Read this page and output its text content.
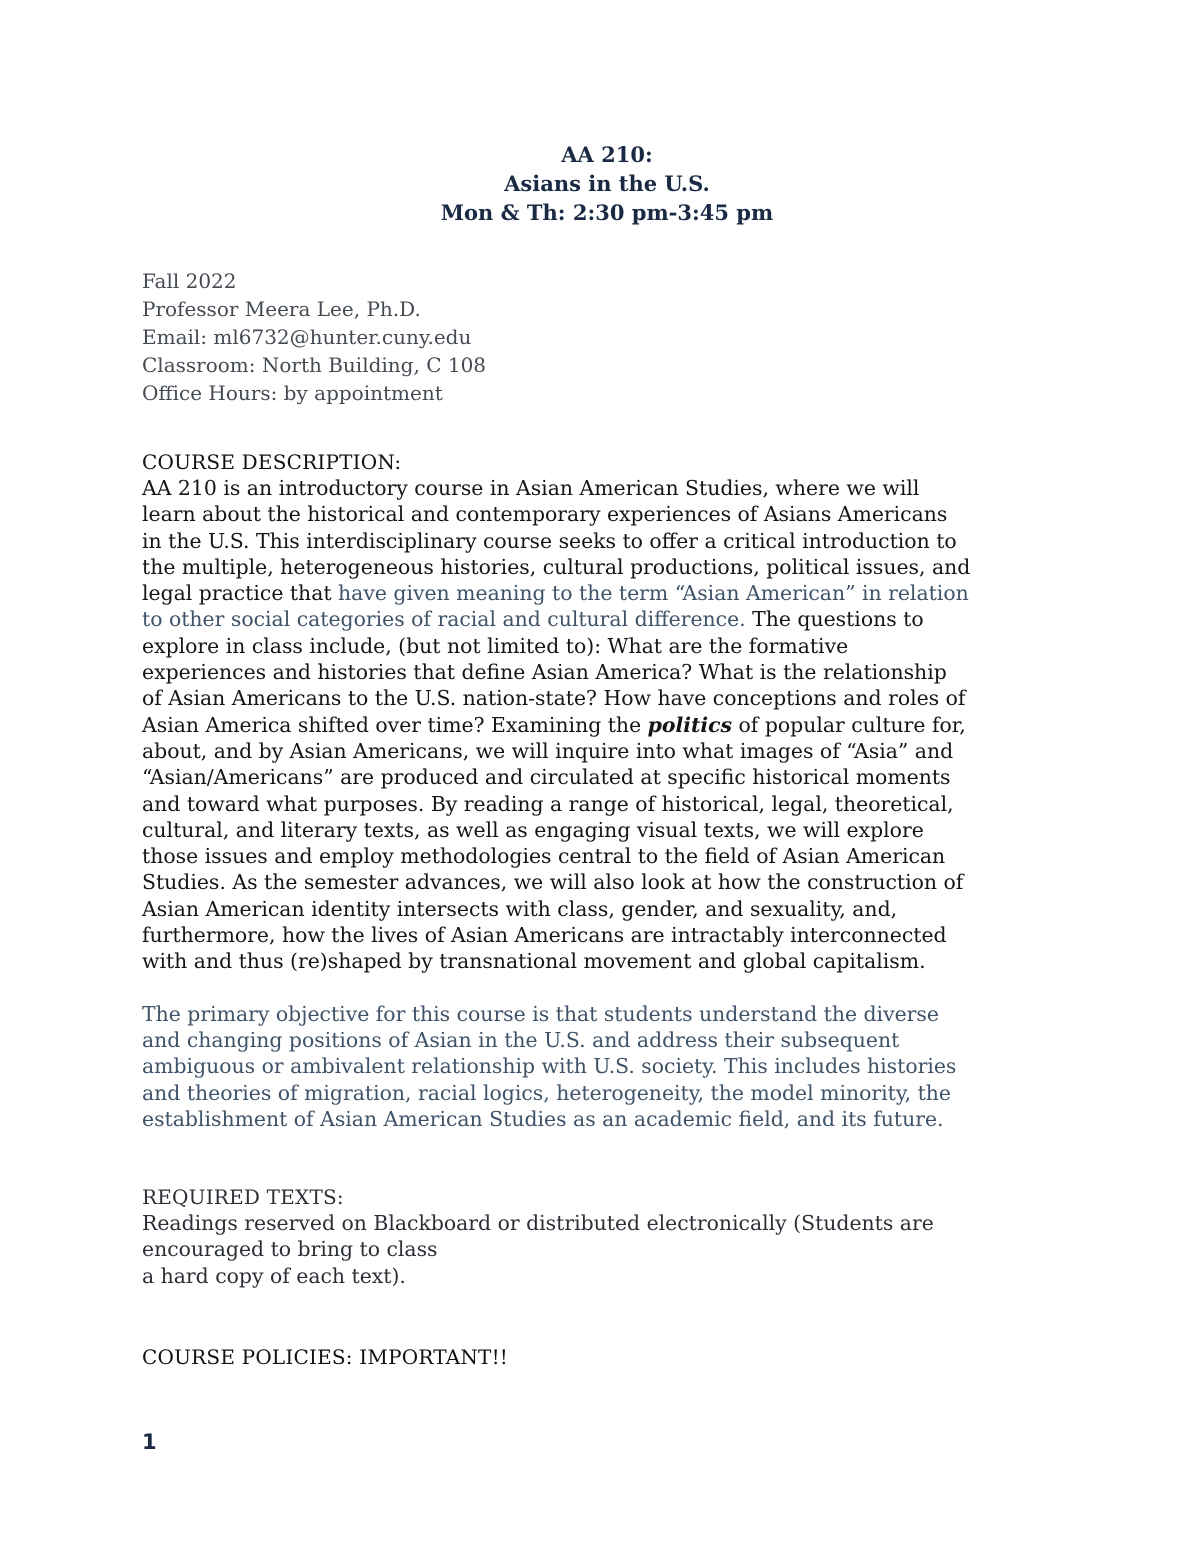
AA 210:
Asians in the U.S.
Mon & Th: 2:30 pm-3:45 pm
Fall 2022
Professor Meera Lee, Ph.D.
Email: ml6732@hunter.cuny.edu
Classroom: North Building, C 108
Office Hours: by appointment
COURSE DESCRIPTION:
AA 210 is an introductory course in Asian American Studies, where we will
learn about the historical and contemporary experiences of Asians Americans
in the U.S. This interdisciplinary course seeks to offer a critical introduction to
the multiple, heterogeneous histories, cultural productions, political issues, and
legal practice that have given meaning to the term “Asian American” in relation
to other social categories of racial and cultural difference. The questions to
explore in class include, (but not limited to): What are the formative
experiences and histories that define Asian America? What is the relationship
of Asian Americans to the U.S. nation-state? How have conceptions and roles of
Asian America shifted over time? Examining the politics of popular culture for,
about, and by Asian Americans, we will inquire into what images of “Asia” and
“Asian/Americans” are produced and circulated at specific historical moments
and toward what purposes. By reading a range of historical, legal, theoretical,
cultural, and literary texts, as well as engaging visual texts, we will explore
those issues and employ methodologies central to the field of Asian American
Studies. As the semester advances, we will also look at how the construction of
Asian American identity intersects with class, gender, and sexuality, and,
furthermore, how the lives of Asian Americans are intractably interconnected
with and thus (re)shaped by transnational movement and global capitalism.
The primary objective for this course is that students understand the diverse
and changing positions of Asian in the U.S. and address their subsequent
ambiguous or ambivalent relationship with U.S. society. This includes histories
and theories of migration, racial logics, heterogeneity, the model minority, the
establishment of Asian American Studies as an academic field, and its future.
REQUIRED TEXTS:
Readings reserved on Blackboard or distributed electronically (Students are
encouraged to bring to class
a hard copy of each text).
COURSE POLICIES: IMPORTANT!!
1
